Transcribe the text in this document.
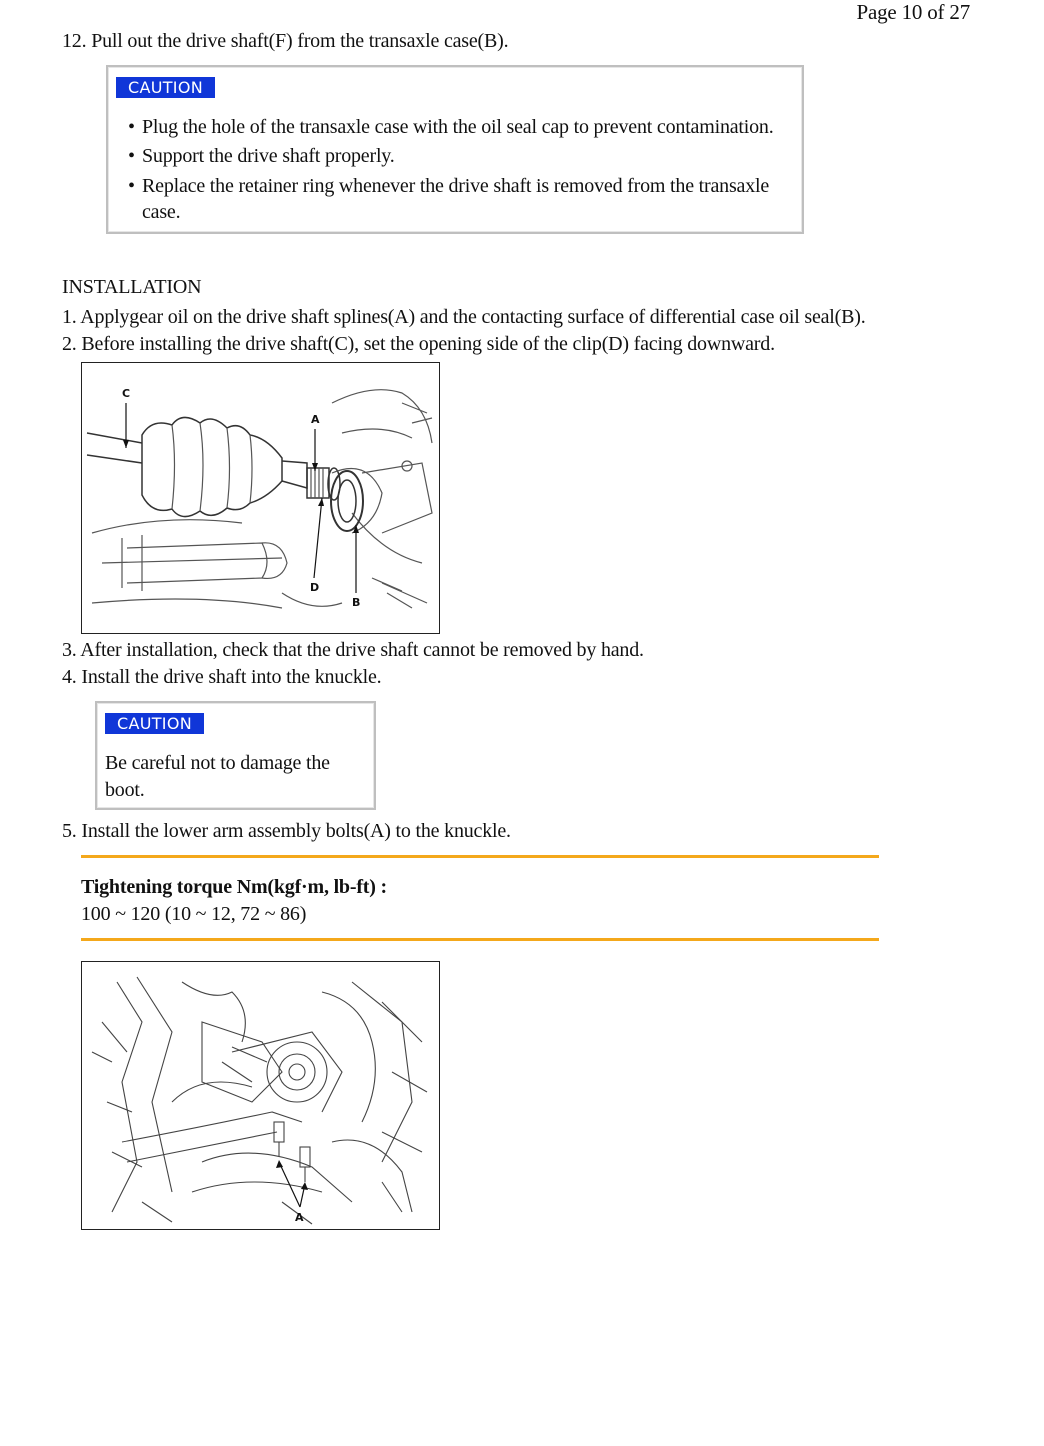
Page 10 of 27
12. Pull out the drive shaft(F) from the transaxle case(B).
CAUTION
• Plug the hole of the transaxle case with the oil seal cap to prevent contamination.
• Support the drive shaft properly.
• Replace the retainer ring whenever the drive shaft is removed from the transaxle
case.
INSTALLATION
1. Applygear oil on the drive shaft splines(A) and the contacting surface of differential case oil seal(B).
2. Before installing the drive shaft(C), set the opening side of the clip(D) facing downward.
C
A
D
B
3. After installation, check that the drive shaft cannot be removed by hand.
4. Install the drive shaft into the knuckle.
CAUTION
Be careful not to damage the
boot.
5. Install the lower arm assembly bolts(A) to the knuckle.
Tightening torque Nm(kgf·m, lb-ft) :
100 ~ 120 (10 ~ 12, 72 ~ 86)
A
